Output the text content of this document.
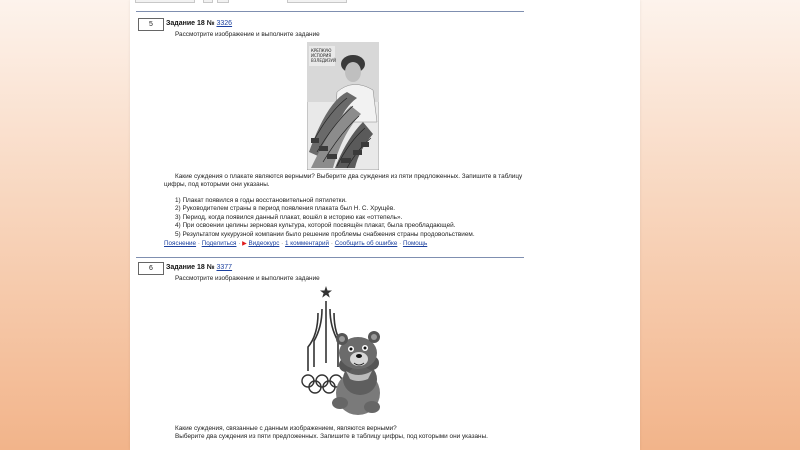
5	Задание 18 № 3326
Рассмотрите изображение и выполните задание
КРЕПКУЮ
ИСПОРИЯ
ВЗЛЕДИЗУЙ
Какие суждения о плакате являются верными? Выберите два суждения из пяти предложенных. Запишите в таблицу
цифры, под которыми они указаны.
1) Плакат появился в годы восстановительной пятилетки.
2) Руководителем страны в период появления плаката был Н. С. Хрущёв.
3) Период, когда появился данный плакат, вошёл в историю как «оттепель».
4) При освоении целины зерновая культура, которой посвящён плакат, была преобладающей.
5) Результатом кукурузной компании было решение проблемы снабжения страны продовольствием.
Пояснение · Поделиться · ▶ Видеокурс · 1 комментарий · Сообщить об ошибке · Помощь
6	Задание 18 № 3377
Рассмотрите изображение и выполните задание
Какие суждения, связанные с данным изображением, являются верными?
Выберите два суждения из пяти предложенных. Запишите в таблицу цифры, под которыми они указаны.
